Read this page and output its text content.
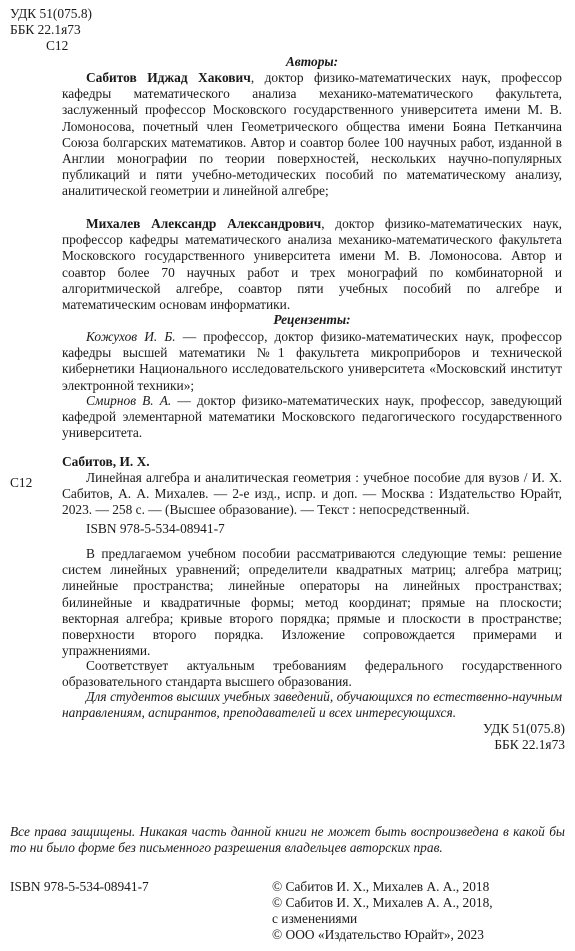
УДК 51(075.8)
ББК 22.1я73
С12
Авторы:

Сабитов Иджад Хакович, доктор физико-математических наук, профессор кафедры математического анализа механико-математического факультета, заслуженный профессор Московского государственного университета имени М. В. Ломоносова, почетный член Геометрического общества имени Бояна Петканчина Союза болгарских математиков. Автор и соавтор более 100 научных работ, изданной в Англии монографии по теории поверхностей, нескольких научно-популярных публикаций и пяти учебно-методических пособий по математическому анализу, аналитической геометрии и линейной алгебре;

Михалев Александр Александрович, доктор физико-математических наук, профессор кафедры математического анализа механико-математического факультета Московского государственного университета имени М. В. Ломоносова. Автор и соавтор более 70 научных работ и трех монографий по комбинаторной и алгоритмической алгебре, соавтор пяти учебных пособий по алгебре и математическим основам информатики.

Рецензенты:

Кожухов И. Б. — профессор, доктор физико-математических наук, профессор кафедры высшей математики №1 факультета микроприборов и технической кибернетики Национального исследовательского университета «Московский институт электронной техники»;

Смирнов В. А. — доктор физико-математических наук, профессор, заведующий кафедрой элементарной математики Московского педагогического государственного университета.

Сабитов, И. Х.
С12	Линейная алгебра и аналитическая геометрия : учебное пособие для вузов / И. Х. Сабитов, А. А. Михалев. — 2-е изд., испр. и доп. — Москва : Издательство Юрайт, 2023. — 258 с. — (Высшее образование). — Текст : непосредственный.

ISBN 978-5-534-08941-7

В предлагаемом учебном пособии рассматриваются следующие темы: решение систем линейных уравнений; определители квадратных матриц; алгебра матриц; линейные пространства; линейные операторы на линейных пространствах; билинейные и квадратичные формы; метод координат; прямые на плоскости; векторная алгебра; кривые второго порядка; прямые и плоскости в пространстве; поверхности второго порядка. Изложение сопровождается примерами и упражнениями.

Соответствует актуальным требованиям федерального государственного образовательного стандарта высшего образования.

Для студентов высших учебных заведений, обучающихся по естественно-научным направлениям, аспирантов, преподавателей и всех интересующихся.

УДК 51(075.8)
ББК 22.1я73

Все права защищены. Никакая часть данной книги не может быть воспроизведена в какой бы то ни было форме без письменного разрешения владельцев авторских прав.

ISBN 978-5-534-08941-7	© Сабитов И. Х., Михалев А. А., 2018
© Сабитов И. Х., Михалев А. А., 2018,
с изменениями
© ООО «Издательство Юрайт», 2023
